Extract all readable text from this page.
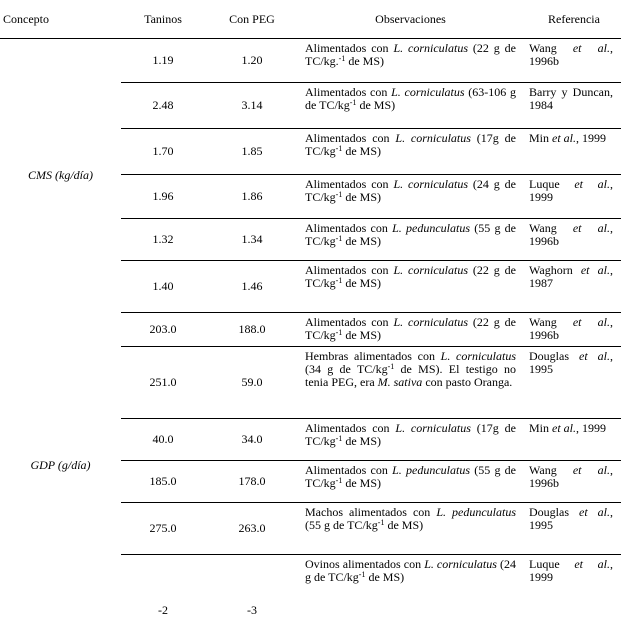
Concepto	Taninos	Con PEG	Observaciones	Referencia
CMS (kg/día)	1.19	1.20	Alimentados con L. corniculatus (22 g de TC/kg.$^{-1}$ de MS)	Wang et al., 1996b
	2.48	3.14	Alimentados con L. corniculatus (63-106 g de $TC/kg^{-1}$ de MS)	Barry y Duncan, 1984
	1.70	1.85	Alimentados con L. corniculatus (17g de $TC/kg^{-1}$ de MS)	Min et al., 1999
	1.96	1.86	Alimentados con L. corniculatus (24 g de $TC/kg^{-1}$ de MS)	Luque et al., 1999
	1.32	1.34	Alimentados con L. pedunculatus (55 g de $TC/kg^{-1}$ de MS)	Wang et al., 1996b
	1.40	1.46	Alimentados con L. corniculatus (22 g de $TC/kg^{-1}$ de MS)	Waghorn et al., 1987
GDP (g/día)	203.0	188.0	Alimentados con L. corniculatus (22 g de $TC/kg^{-1}$ de MS)	Wang et al., 1996b
	251.0	59.0	Hembras alimentados con L. corniculatus (34 g de $TC/kg^{-1}$ de MS). El testigo no tenia PEG, era M. sativa con pasto Oranga.	Douglas et al., 1995
	40.0	34.0	Alimentados con L. corniculatus (17g de $TC/kg^{-1}$ de MS)	Min et al., 1999
	185.0	178.0	Alimentados con L. pedunculatus (55 g de $TC/kg^{-1}$ de MS)	Wang et al., 1996b
	275.0	263.0	Machos alimentados con L. pedunculatus (55 g de $TC/kg^{-1}$ de MS)	Douglas et al., 1995
	-2	-3	Ovinos alimentados con L. corniculatus (24 g de $TC/kg^{-1}$ de MS)	Luque et al., 1999
